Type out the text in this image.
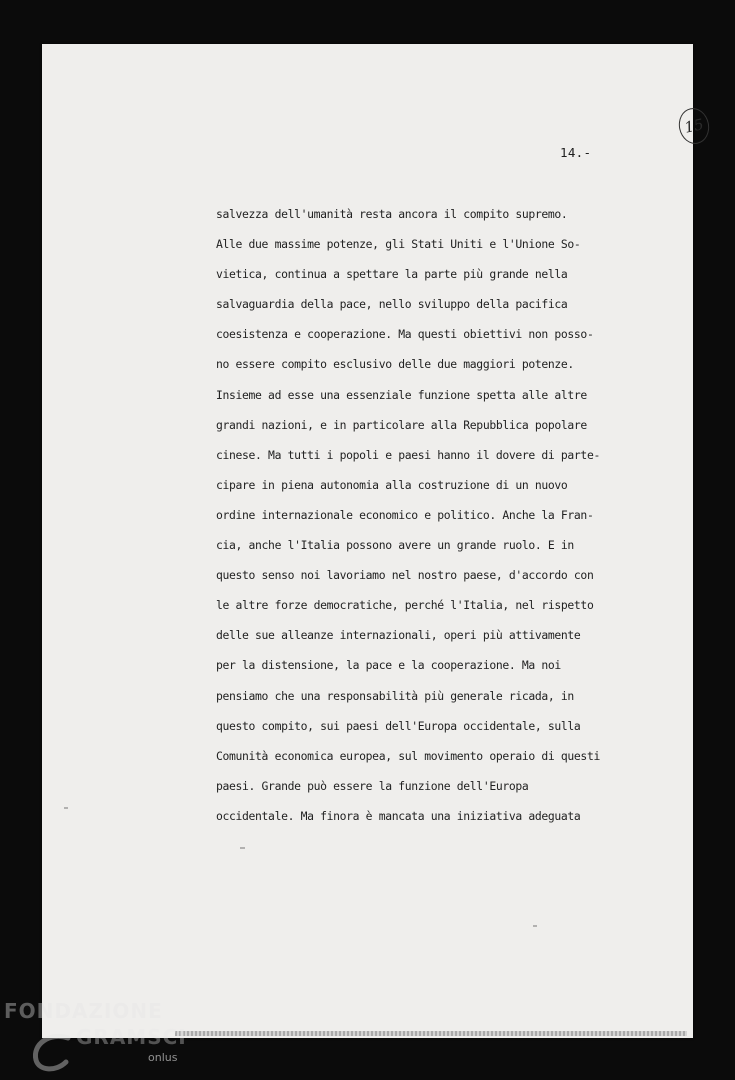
15
14.-
salvezza dell'umanità resta ancora il compito supremo.
Alle due massime potenze, gli Stati Uniti e l'Unione So-
vietica, continua a spettare la parte più grande nella
salvaguardia della pace, nello sviluppo della pacifica
coesistenza e cooperazione. Ma questi obiettivi non posso-
no essere compito esclusivo delle due maggiori potenze.
Insieme ad esse una essenziale funzione spetta alle altre
grandi nazioni, e in particolare alla Repubblica popolare
cinese. Ma tutti i popoli e paesi hanno il dovere di parte-
cipare in piena autonomia alla costruzione di un nuovo
ordine internazionale economico e politico. Anche la Fran-
cia, anche l'Italia possono avere un grande ruolo. E in
questo senso noi lavoriamo nel nostro paese, d'accordo con
le altre forze democratiche, perché l'Italia, nel rispetto
delle sue alleanze internazionali, operi più attivamente
per la distensione, la pace e la cooperazione. Ma noi
pensiamo che una responsabilità più generale ricada, in
questo compito, sui paesi dell'Europa occidentale, sulla
Comunità economica europea, sul movimento operaio di questi
paesi. Grande può essere la funzione dell'Europa
occidentale. Ma finora è mancata una iniziativa adeguata
FONDAZIONE
GRAMSCI
onlus
